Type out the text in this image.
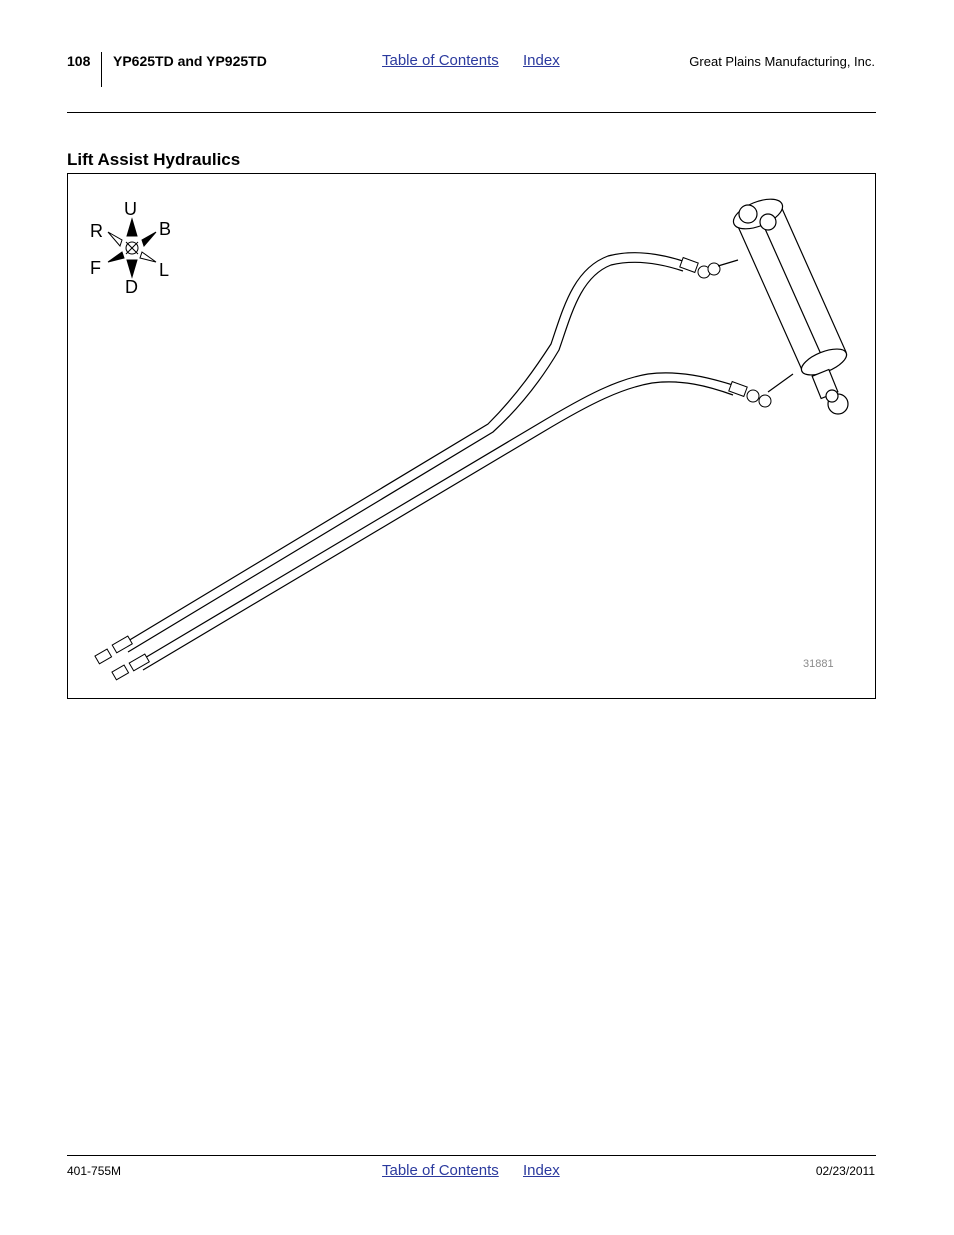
108 YP625TD and YP925TD	Table of Contents Index	Great Plains Manufacturing, Inc.
Lift Assist Hydraulics
U
D
R	B
F	L
31881
401-755M	Table of Contents Index	02/23/2011
